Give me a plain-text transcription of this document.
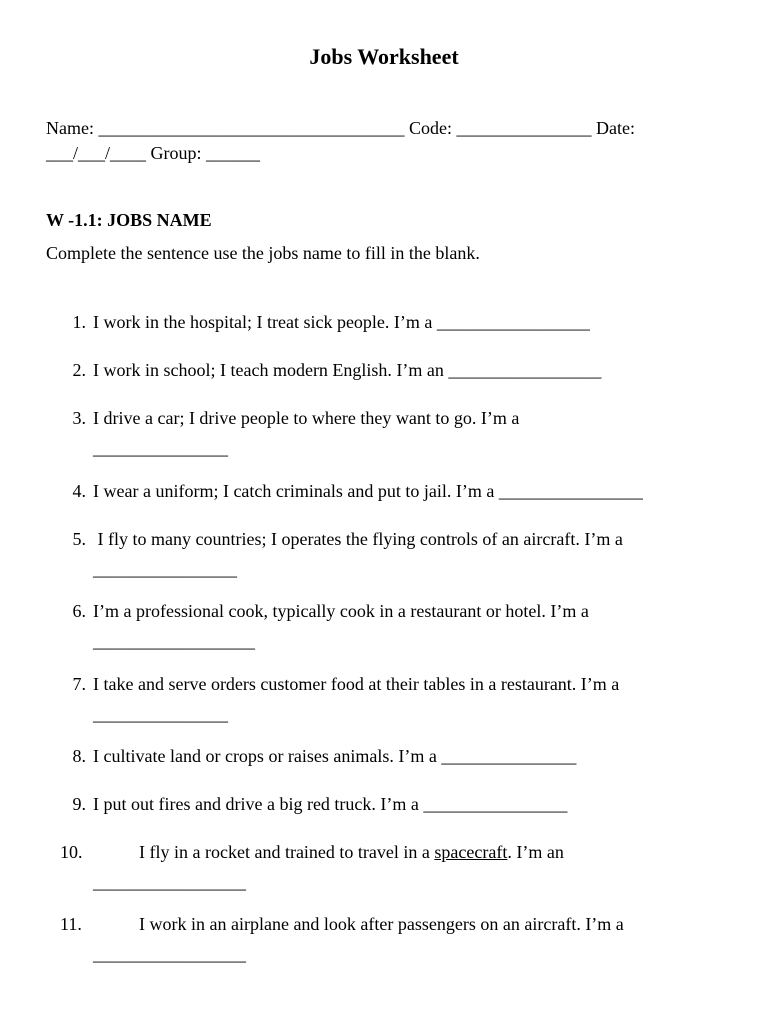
Jobs Worksheet
Name: __________________________________ Code: _______________ Date:
___/___/____ Group: ______
W -1.1: JOBS NAME

Complete the sentence use the jobs name to fill in the blank.

1. I work in the hospital; I treat sick people. I’m a _________________
2. I work in school; I teach modern English. I’m an _________________
3. I drive a car; I drive people to where they want to go. I’m a
_______________
4. I wear a uniform; I catch criminals and put to jail. I’m a ________________
5. I fly to many countries; I operates the flying controls of an aircraft. I’m a
________________
6. I’m a professional cook, typically cook in a restaurant or hotel. I’m a
__________________
7. I take and serve orders customer food at their tables in a restaurant. I’m a
_______________
8. I cultivate land or crops or raises animals. I’m a _______________
9. I put out fires and drive a big red truck. I’m a ________________
10.	I fly in a rocket and trained to travel in a spacecraft. I’m an
_________________
11.	I work in an airplane and look after passengers on an aircraft. I’m a
_________________
